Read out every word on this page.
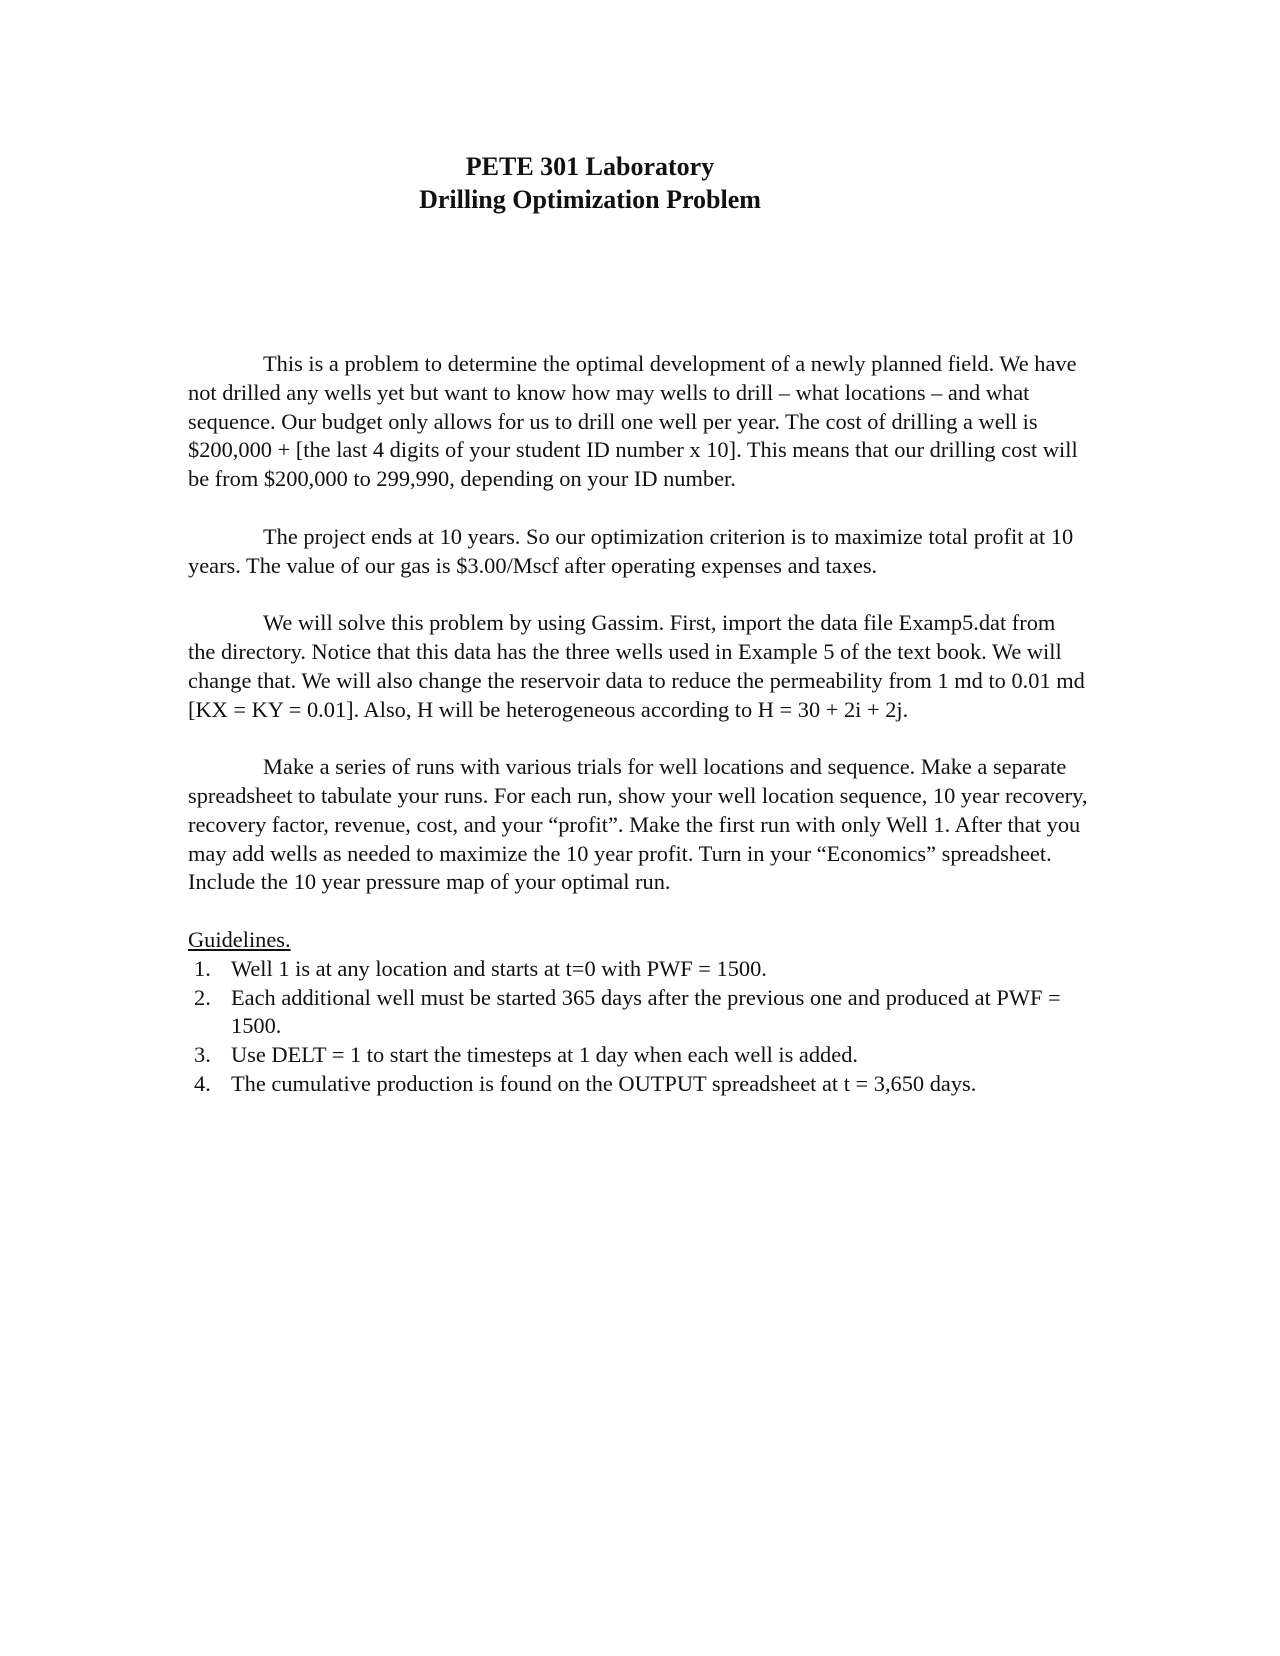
PETE 301 Laboratory
Drilling Optimization Problem

This is a problem to determine the optimal development of a newly planned field. We have not drilled any wells yet but want to know how may wells to drill – what locations – and what sequence. Our budget only allows for us to drill one well per year. The cost of drilling a well is $200,000 + [the last 4 digits of your student ID number x 10]. This means that our drilling cost will be from $200,000 to 299,990, depending on your ID number.

The project ends at 10 years. So our optimization criterion is to maximize total profit at 10 years. The value of our gas is $3.00/Mscf after operating expenses and taxes.

We will solve this problem by using Gassim. First, import the data file Examp5.dat from the directory. Notice that this data has the three wells used in Example 5 of the text book. We will change that. We will also change the reservoir data to reduce the permeability from 1 md to 0.01 md [KX = KY = 0.01]. Also, H will be heterogeneous according to H = 30 + 2i + 2j.

Make a series of runs with various trials for well locations and sequence. Make a separate spreadsheet to tabulate your runs. For each run, show your well location sequence, 10 year recovery, recovery factor, revenue, cost, and your “profit”. Make the first run with only Well 1. After that you may add wells as needed to maximize the 10 year profit. Turn in your “Economics” spreadsheet. Include the 10 year pressure map of your optimal run.

Guidelines.

1. Well 1 is at any location and starts at t=0 with PWF = 1500.
2. Each additional well must be started 365 days after the previous one and produced at PWF = 1500.
3. Use DELT = 1 to start the timesteps at 1 day when each well is added.
4. The cumulative production is found on the OUTPUT spreadsheet at t = 3,650 days.
